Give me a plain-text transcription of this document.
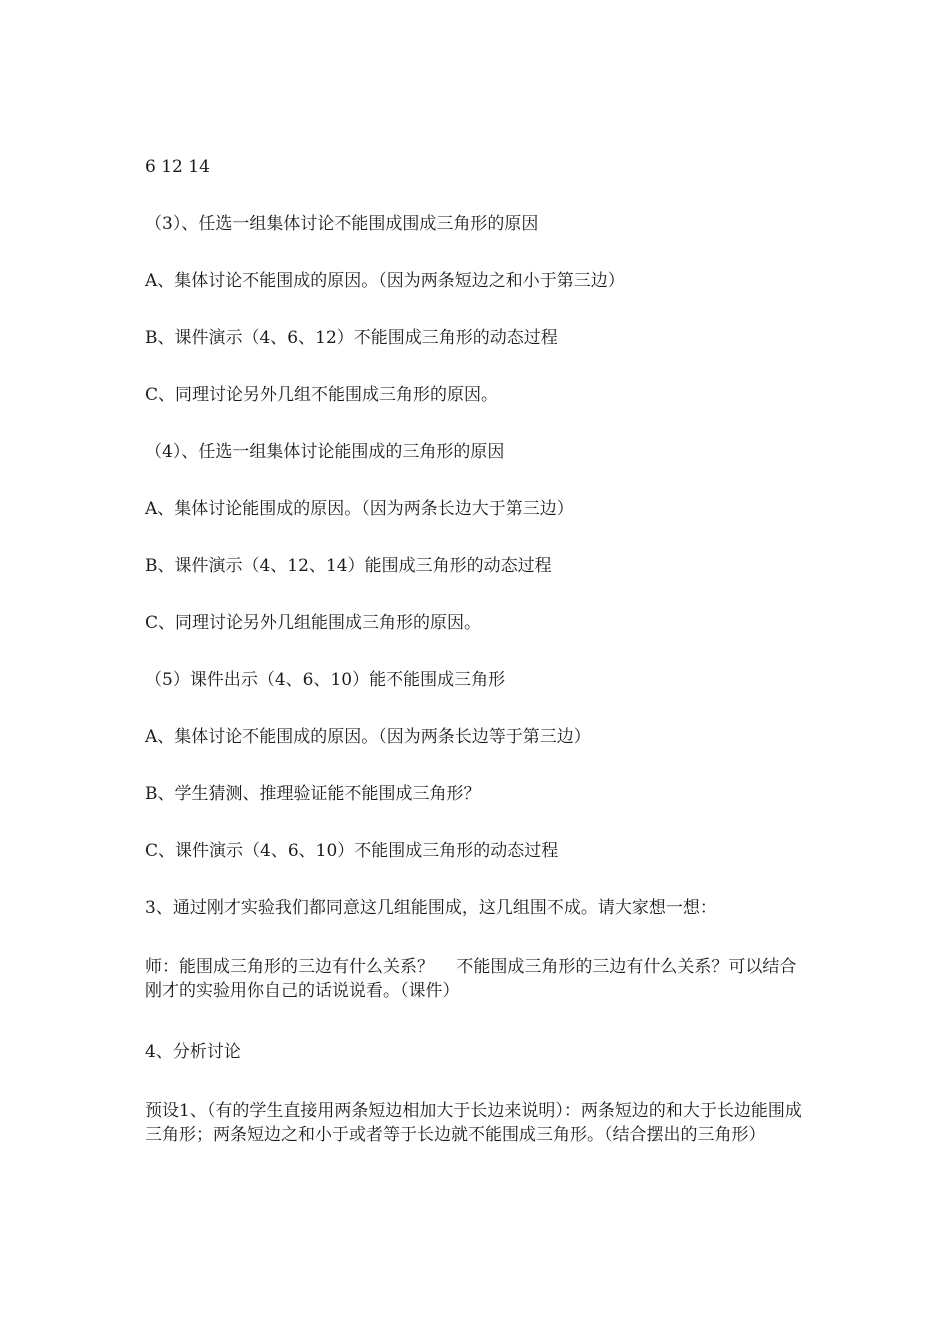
6 12 14
（3）、任选一组集体讨论不能围成围成三角形的原因
A、集体讨论不能围成的原因。（因为两条短边之和小于第三边）
B、课件演示（4、6、12）不能围成三角形的动态过程
C、同理讨论另外几组不能围成三角形的原因。
（4）、任选一组集体讨论能围成的三角形的原因
A、集体讨论能围成的原因。（因为两条长边大于第三边）
B、课件演示（4、12、14）能围成三角形的动态过程
C、同理讨论另外几组能围成三角形的原因。
（5）课件出示（4、6、10）能不能围成三角形
A、集体讨论不能围成的原因。（因为两条长边等于第三边）
B、学生猜测、推理验证能不能围成三角形？
C、课件演示（4、6、10）不能围成三角形的动态过程
3、通过刚才实验我们都同意这几组能围成，这几组围不成。请大家想一想：
师：能围成三角形的三边有什么关系？　 不能围成三角形的三边有什么关系？可以结合刚才的实验用你自己的话说说看。（课件）
4、分析讨论
预设1、（有的学生直接用两条短边相加大于长边来说明）：两条短边的和大于长边能围成三角形；两条短边之和小于或者等于长边就不能围成三角形。（结合摆出的三角形）
